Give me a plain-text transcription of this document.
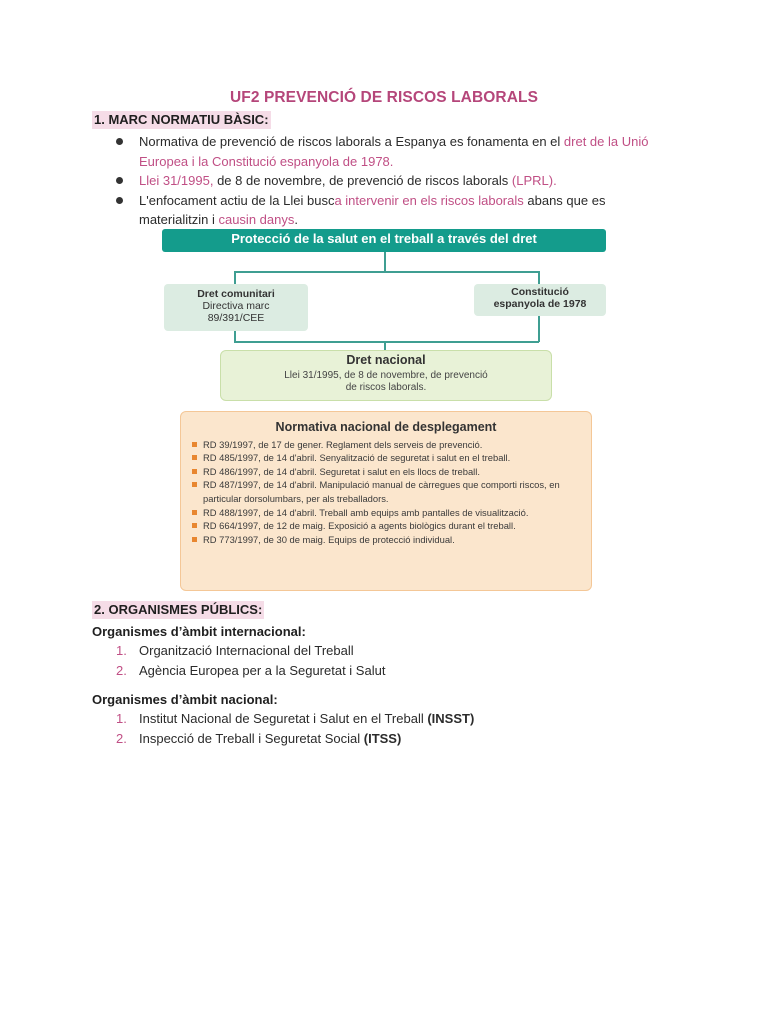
UF2 PREVENCIÓ DE RISCOS LABORALS
1. MARC NORMATIU BÀSIC:
Normativa de prevenció de riscos laborals a Espanya es fonamenta en el dret de la Unió Europea i la Constitució espanyola de 1978.
Llei 31/1995, de 8 de novembre, de prevenció de riscos laborals (LPRL).
L'enfocament actiu de la Llei busca intervenir en els riscos laborals abans que es materialitzin i causin danys.
Protecció de la salut en el treball a través del dret
Dret comunitari
Directiva marc
89/391/CEE
Constitució
espanyola de 1978
Dret nacional
Llei 31/1995, de 8 de novembre, de prevenció
de riscos laborals.
Normativa nacional de desplegament
RD 39/1997, de 17 de gener. Reglament dels serveis de prevenció.
RD 485/1997, de 14 d'abril. Senyalització de seguretat i salut en el treball.
RD 486/1997, de 14 d'abril. Seguretat i salut en els llocs de treball.
RD 487/1997, de 14 d'abril. Manipulació manual de càrregues que comporti riscos, en particular dorsolumbars, per als treballadors.
RD 488/1997, de 14 d'abril. Treball amb equips amb pantalles de visualització.
RD 664/1997, de 12 de maig. Exposició a agents biològics durant el treball.
RD 773/1997, de 30 de maig. Equips de protecció individual.
2. ORGANISMES PÚBLICS:
Organismes d’àmbit internacional:
1. Organització Internacional del Treball
2. Agència Europea per a la Seguretat i Salut
Organismes d’àmbit nacional:
1. Institut Nacional de Seguretat i Salut en el Treball (INSST)
2. Inspecció de Treball i Seguretat Social (ITSS)
